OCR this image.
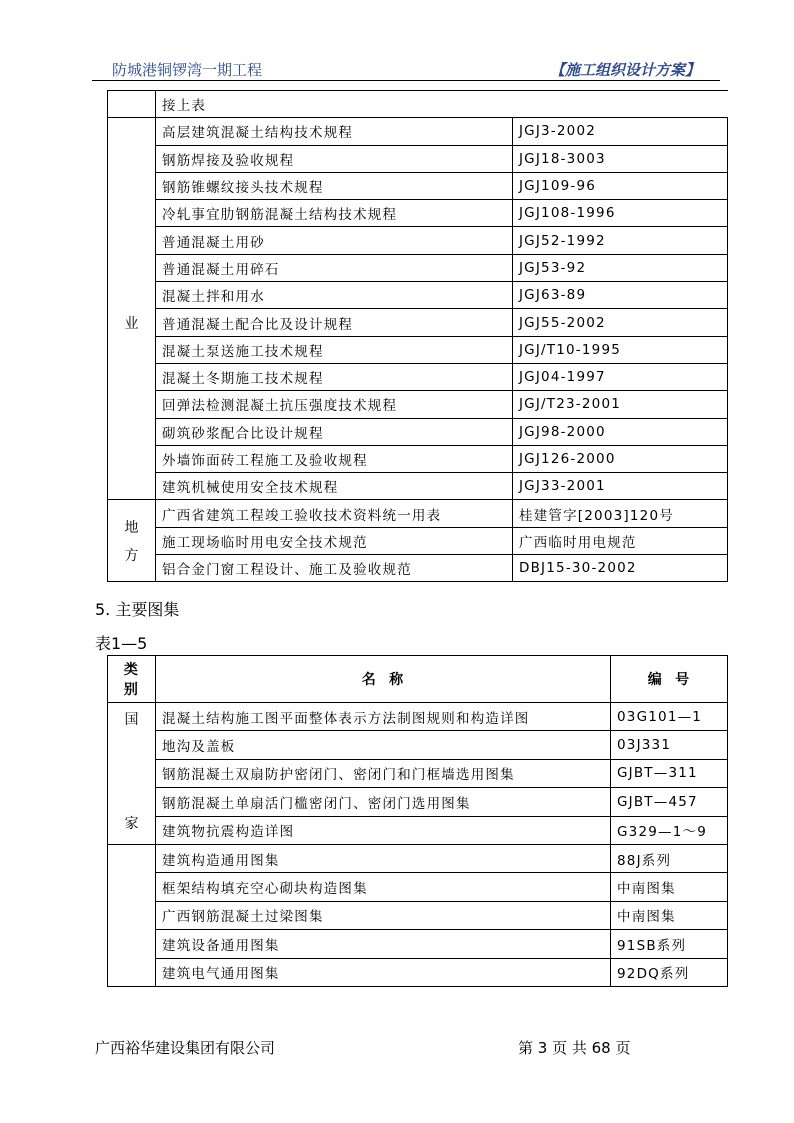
防城港铜锣湾一期工程	【施工组织设计方案】
	接上表	

业	高层建筑混凝土结构技术规程	JGJ3-2002
	钢筋焊接及验收规程	JGJ18-3003
	钢筋锥螺纹接头技术规程	JGJ109-96
	冷轧事宜肋钢筋混凝土结构技术规程	JGJ108-1996
	普通混凝土用砂	JGJ52-1992
	普通混凝土用碎石	JGJ53-92
	混凝土拌和用水	JGJ63-89
	普通混凝土配合比及设计规程	JGJ55-2002
	混凝土泵送施工技术规程	JGJ/T10-1995
	混凝土冬期施工技术规程	JGJ04-1997
	回弹法检测混凝土抗压强度技术规程	JGJ/T23-2001
	砌筑砂浆配合比设计规程	JGJ98-2000
	外墙饰面砖工程施工及验收规程	JGJ126-2000
	建筑机械使用安全技术规程	JGJ33-2001

地
方	广西省建筑工程竣工验收技术资料统一用表	桂建管字[2003]120号
	施工现场临时用电安全技术规范	广西临时用电规范
	铝合金门窗工程设计、施工及验收规范	DBJ15-30-2002
5. 主要图集
表1—5
类
别	名  称	编  号

国
家	混凝土结构施工图平面整体表示方法制图规则和构造详图	03G101—1
	地沟及盖板	03J331
	钢筋混凝土双扇防护密闭门、密闭门和门框墙选用图集	GJBT—311
	钢筋混凝土单扇活门槛密闭门、密闭门选用图集	GJBT—457
	建筑物抗震构造详图	G329—1～9
	建筑构造通用图集	88J系列
	框架结构填充空心砌块构造图集	中南图集
	广西钢筋混凝土过梁图集	中南图集
	建筑设备通用图集	91SB系列
	建筑电气通用图集	92DQ系列
广西裕华建设集团有限公司	第 3 页 共 68 页
